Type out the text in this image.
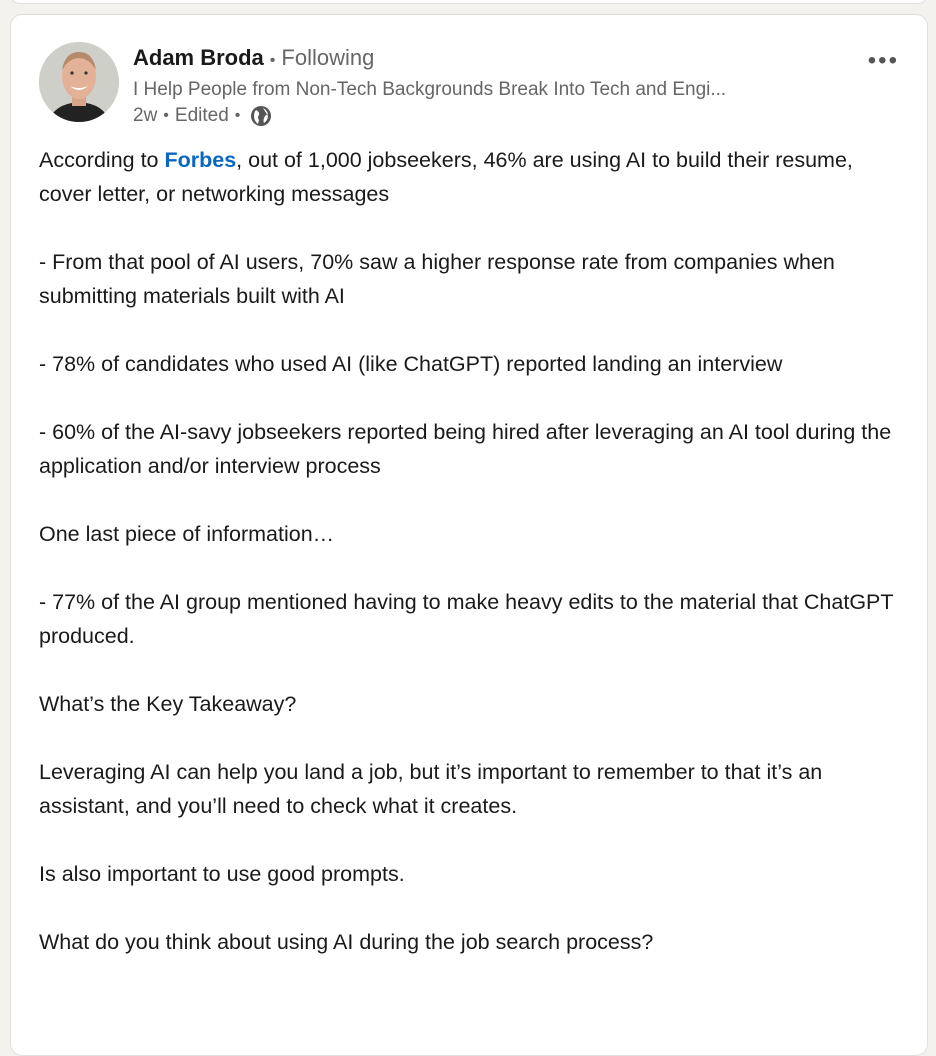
Adam Broda • Following
I Help People from Non-Tech Backgrounds Break Into Tech and Engi...
2w • Edited •
•••

According to Forbes, out of 1,000 jobseekers, 46% are using AI to build their resume, cover letter, or networking messages

- From that pool of AI users, 70% saw a higher response rate from companies when submitting materials built with AI

- 78% of candidates who used AI (like ChatGPT) reported landing an interview

- 60% of the AI-savy jobseekers reported being hired after leveraging an AI tool during the application and/or interview process

One last piece of information…

- 77% of the AI group mentioned having to make heavy edits to the material that ChatGPT produced.

What’s the Key Takeaway?

Leveraging AI can help you land a job, but it’s important to remember to that it’s an assistant, and you’ll need to check what it creates.

Is also important to use good prompts.

What do you think about using AI during the job search process?
